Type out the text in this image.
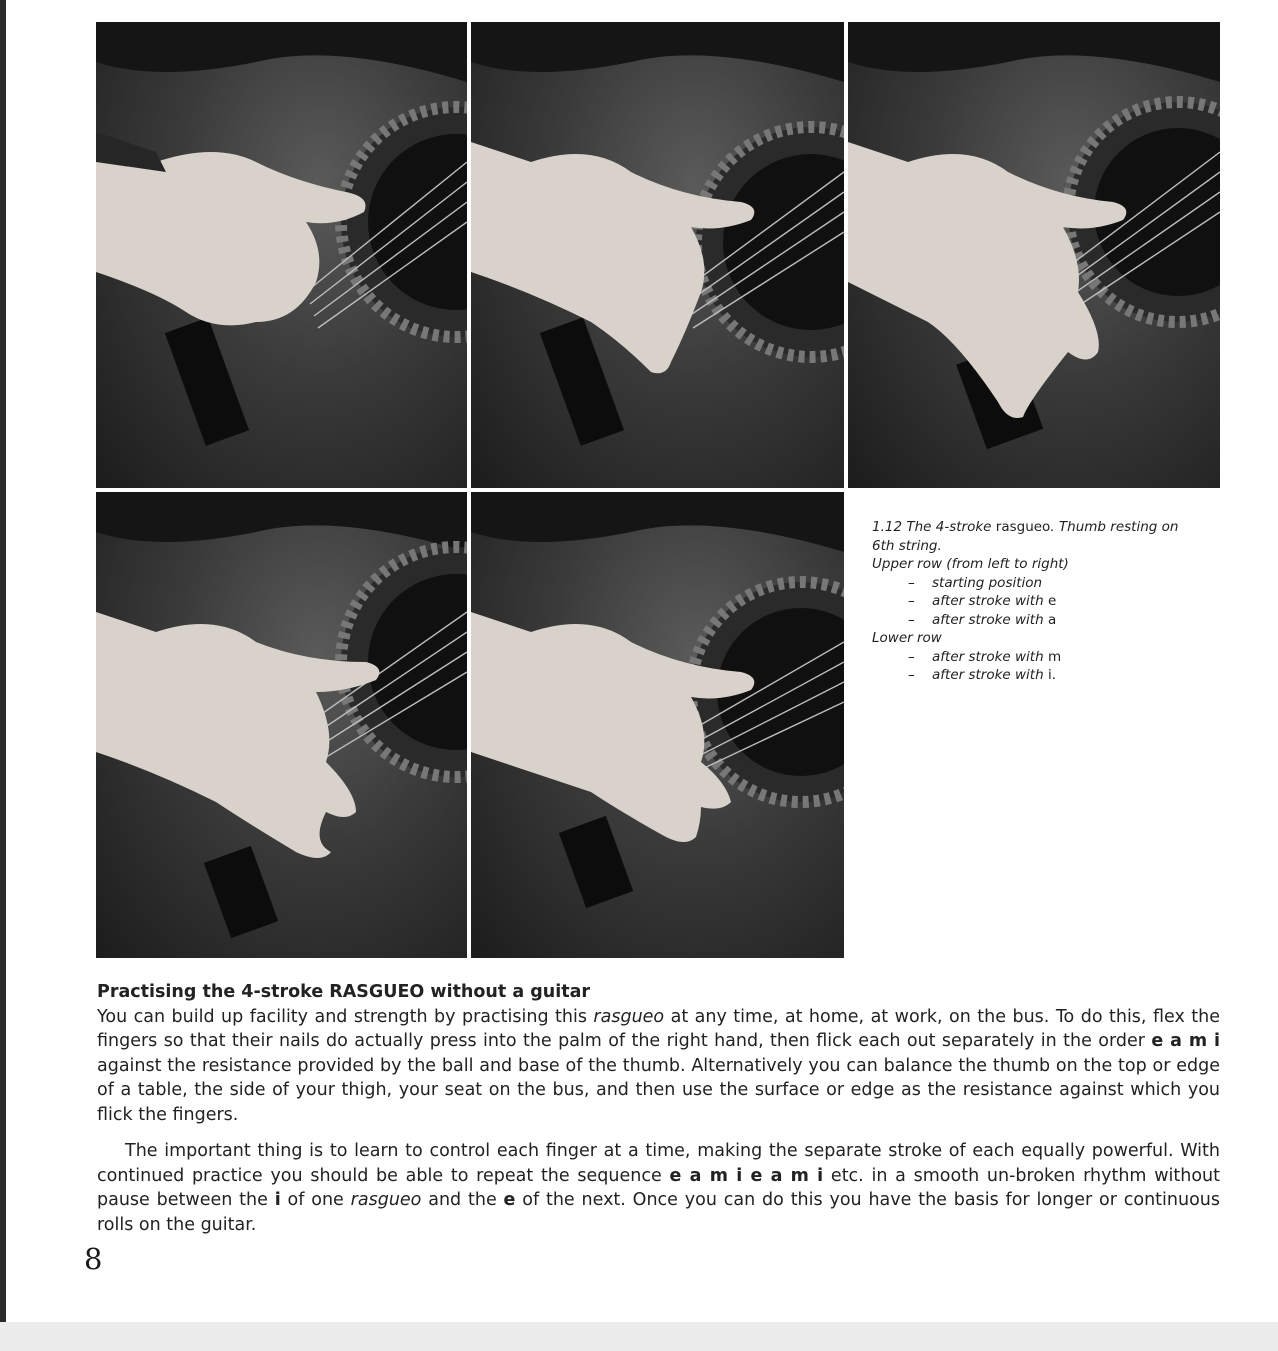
1.12 The 4-stroke rasgueo. Thumb resting on
6th string.
Upper row (from left to right)
– starting position
– after stroke with e
– after stroke with a
Lower row
– after stroke with m
– after stroke with i.

Practising the 4-stroke RASGUEO without a guitar

You can build up facility and strength by practising this rasgueo at any time, at home, at work, on the bus. To do this, flex the fingers so that their nails do actually press into the palm of the right hand, then flick each out separately in the order e a m i against the resistance provided by the ball and base of the thumb. Alternatively you can balance the thumb on the top or edge of a table, the side of your thigh, your seat on the bus, and then use the surface or edge as the resistance against which you flick the fingers.

The important thing is to learn to control each finger at a time, making the separate stroke of each equally powerful. With continued practice you should be able to repeat the sequence e a m i e a m i etc. in a smooth un-broken rhythm without pause between the i of one rasgueo and the e of the next. Once you can do this you have the basis for longer or continuous rolls on the guitar.

8
